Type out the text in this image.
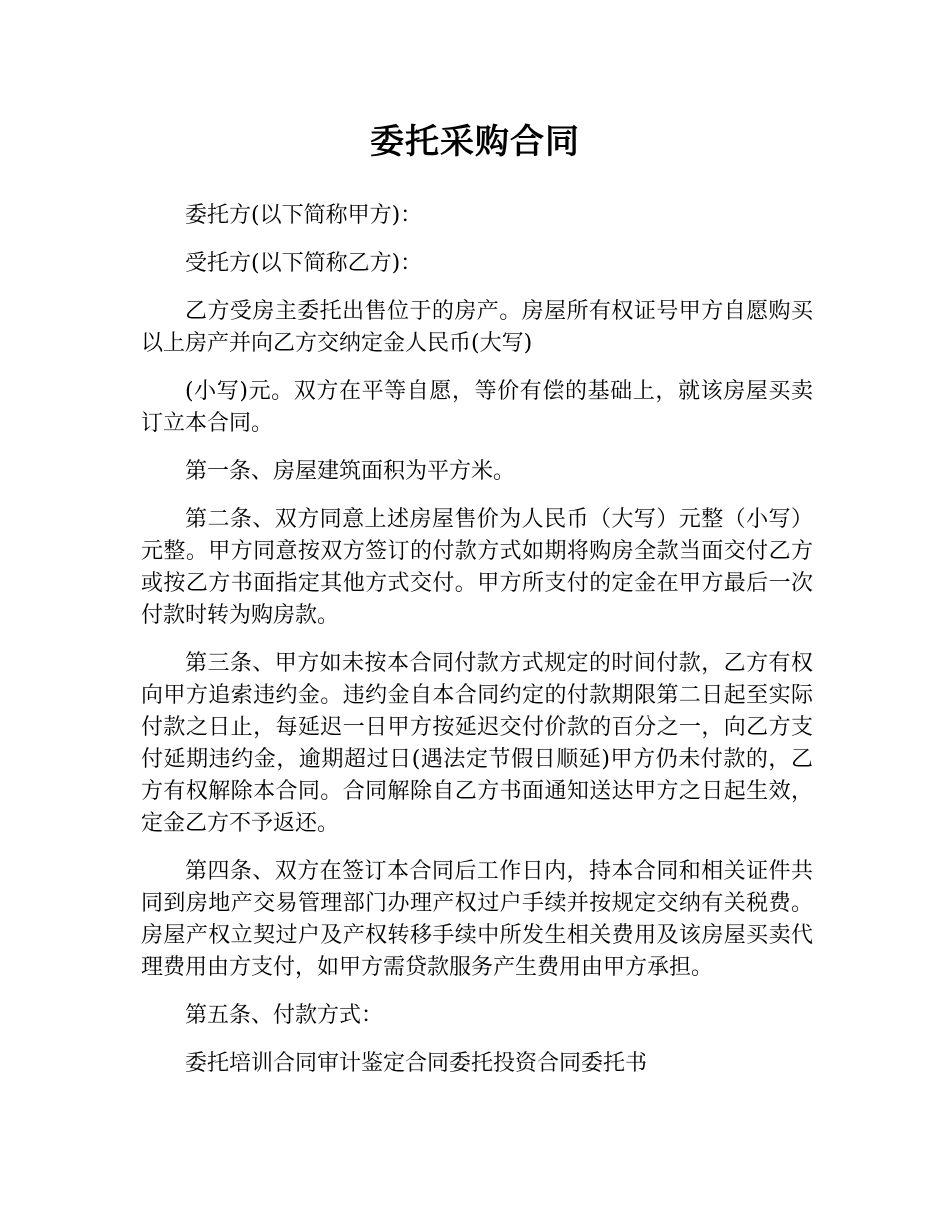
委托采购合同

委托方(以下简称甲方)：

受托方(以下简称乙方)：

乙方受房主委托出售位于的房产。房屋所有权证号甲方自愿购买以上房产并向乙方交纳定金人民币(大写)

(小写)元。双方在平等自愿，等价有偿的基础上，就该房屋买卖订立本合同。

第一条、房屋建筑面积为平方米。

第二条、双方同意上述房屋售价为人民币（大写）元整（小写）元整。甲方同意按双方签订的付款方式如期将购房全款当面交付乙方或按乙方书面指定其他方式交付。甲方所支付的定金在甲方最后一次付款时转为购房款。

第三条、甲方如未按本合同付款方式规定的时间付款，乙方有权向甲方追索违约金。违约金自本合同约定的付款期限第二日起至实际付款之日止，每延迟一日甲方按延迟交付价款的百分之一，向乙方支付延期违约金，逾期超过日(遇法定节假日顺延)甲方仍未付款的，乙方有权解除本合同。合同解除自乙方书面通知送达甲方之日起生效，定金乙方不予返还。

第四条、双方在签订本合同后工作日内，持本合同和相关证件共同到房地产交易管理部门办理产权过户手续并按规定交纳有关税费。房屋产权立契过户及产权转移手续中所发生相关费用及该房屋买卖代理费用由方支付，如甲方需贷款服务产生费用由甲方承担。

第五条、付款方式：

委托培训合同审计鉴定合同委托投资合同委托书
